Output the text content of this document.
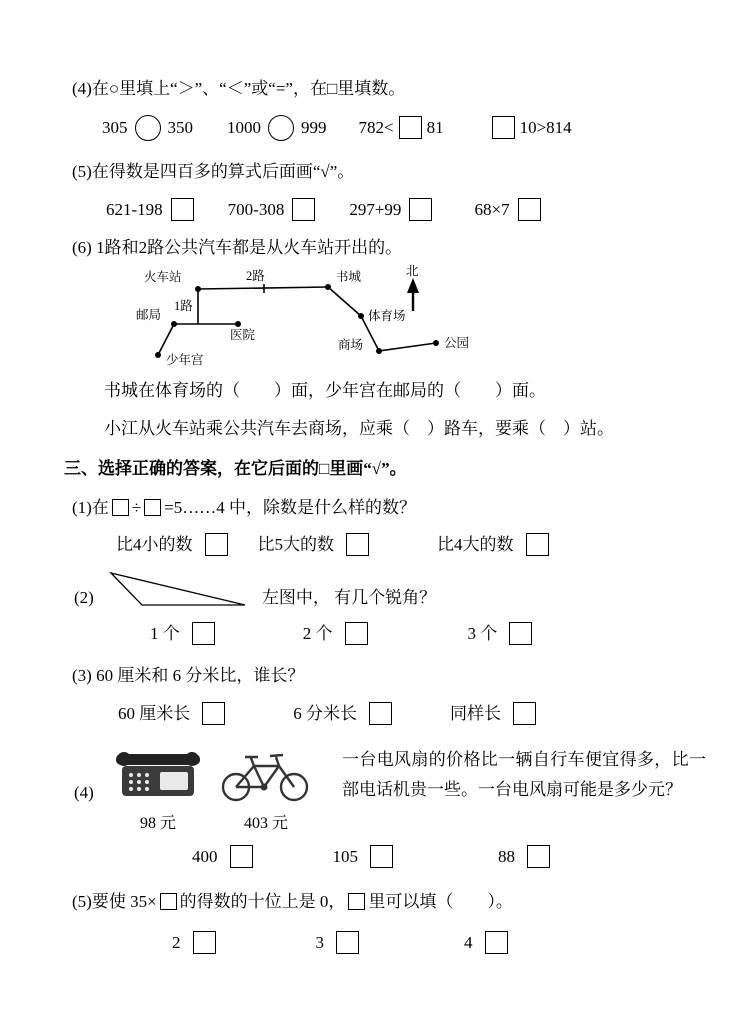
(4)在○里填上“＞”、“＜”或“=”，在□里填数。
305 350 1000 999 782< 81	10>814
(5)在得数是四百多的算式后面画“√”。
621-198	700-308	297+99	68×7
(6) 1路和2路公共汽车都是从火车站开出的。
火车站	2路	书城	北
1路
邮局
医院
体育场
少年宫
商场	公园
书城在体育场的（　　）面，少年宫在邮局的（　　）面。
小江从火车站乘公共汽车去商场，应乘（　）路车，要乘（　）站。
三、选择正确的答案，在它后面的□里画“√”。
(1)在 ÷ =5……4 中，除数是什么样的数？
比4小的数	比5大的数	比4大的数
(2)	左图中， 有几个锐角？
1 个	2 个	3 个
(3) 60 厘米和 6 分米比，谁长？
60 厘米长	6 分米长	同样长
(4)
98 元	403 元
一台电风扇的价格比一辆自行车便宜得多，比一部电话机贵一些。一台电风扇可能是多少元？
400	105	88
(5)要使 35× 的得数的十位上是 0， 里可以填（　　）。
2	3	4
